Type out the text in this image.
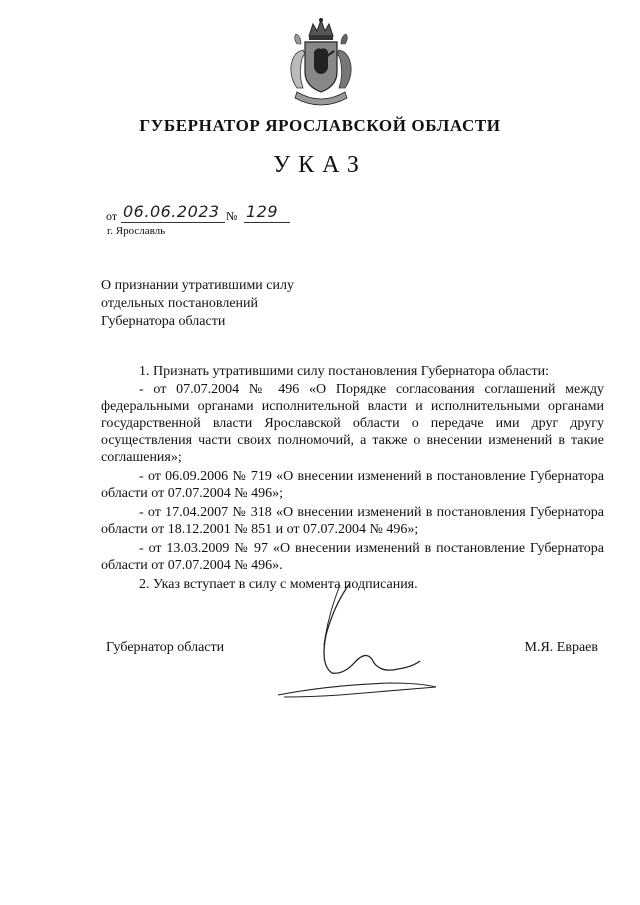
ГУБЕРНАТОР ЯРОСЛАВСКОЙ ОБЛАСТИ
УКАЗ
от 06.06.2023 № 129
г. Ярославль
О признании утратившими силу
отдельных постановлений
Губернатора области

1. Признать утратившими силу постановления Губернатора области:

- от 07.07.2004 № 496 «О Порядке согласования соглашений между федеральными органами исполнительной власти и исполнительными органами государственной власти Ярославской области о передаче ими друг другу осуществления части своих полномочий, а также о внесении изменений в такие соглашения»;

- от 06.09.2006 № 719 «О внесении изменений в постановление Губернатора области от 07.07.2004 № 496»;

- от 17.04.2007 № 318 «О внесении изменений в постановления Губернатора области от 18.12.2001 № 851 и от 07.07.2004 № 496»;

- от 13.03.2009 № 97 «О внесении изменений в постановление Губернатора области от 07.07.2004 № 496».

2. Указ вступает в силу с момента подписания.

Губернатор области	М.Я. Евраев
